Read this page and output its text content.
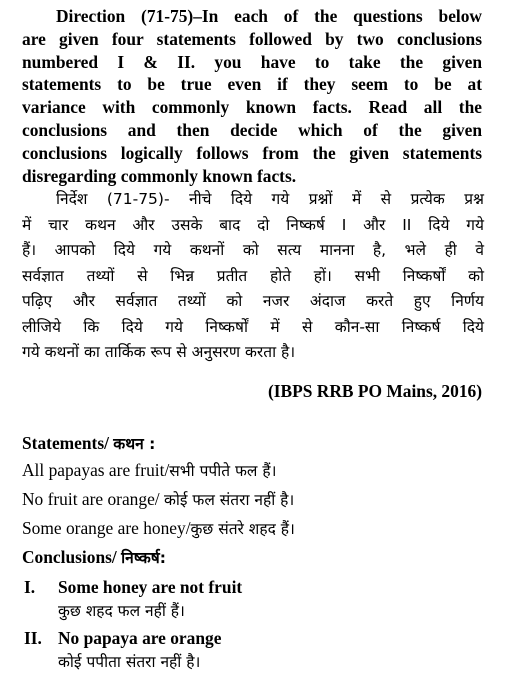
Direction (71-75)–In each of the questions below
are given four statements followed by two conclusions
numbered I & II. you have to take the given
statements to be true even if they seem to be at
variance with commonly known facts. Read all the
conclusions and then decide which of the given
conclusions logically follows from the given statements
disregarding commonly known facts.
निर्देश (71-75)- नीचे दिये गये प्रश्नों में से प्रत्येक प्रश्न
में चार कथन और उसके बाद दो निष्कर्ष I और II दिये गये
हैं। आपको दिये गये कथनों को सत्य मानना है, भले ही वे
सर्वज्ञात तथ्यों से भिन्न प्रतीत होते हों। सभी निष्कर्षों को
पढ़िए और सर्वज्ञात तथ्यों को नजर अंदाज करते हुए निर्णय
लीजिये कि दिये गये निष्कर्षों में से कौन-सा निष्कर्ष दिये
गये कथनों का तार्किक रूप से अनुसरण करता है।
(IBPS RRB PO Mains, 2016)
Statements/ कथन :
All papayas are fruit/सभी पपीते फल हैं।
No fruit are orange/ कोई फल संतरा नहीं है।
Some orange are honey/कुछ संतरे शहद हैं।
Conclusions/ निष्कर्ष:
I. Some honey are not fruit
कुछ शहद फल नहीं हैं।
II. No papaya are orange
कोई पपीता संतरा नहीं है।
